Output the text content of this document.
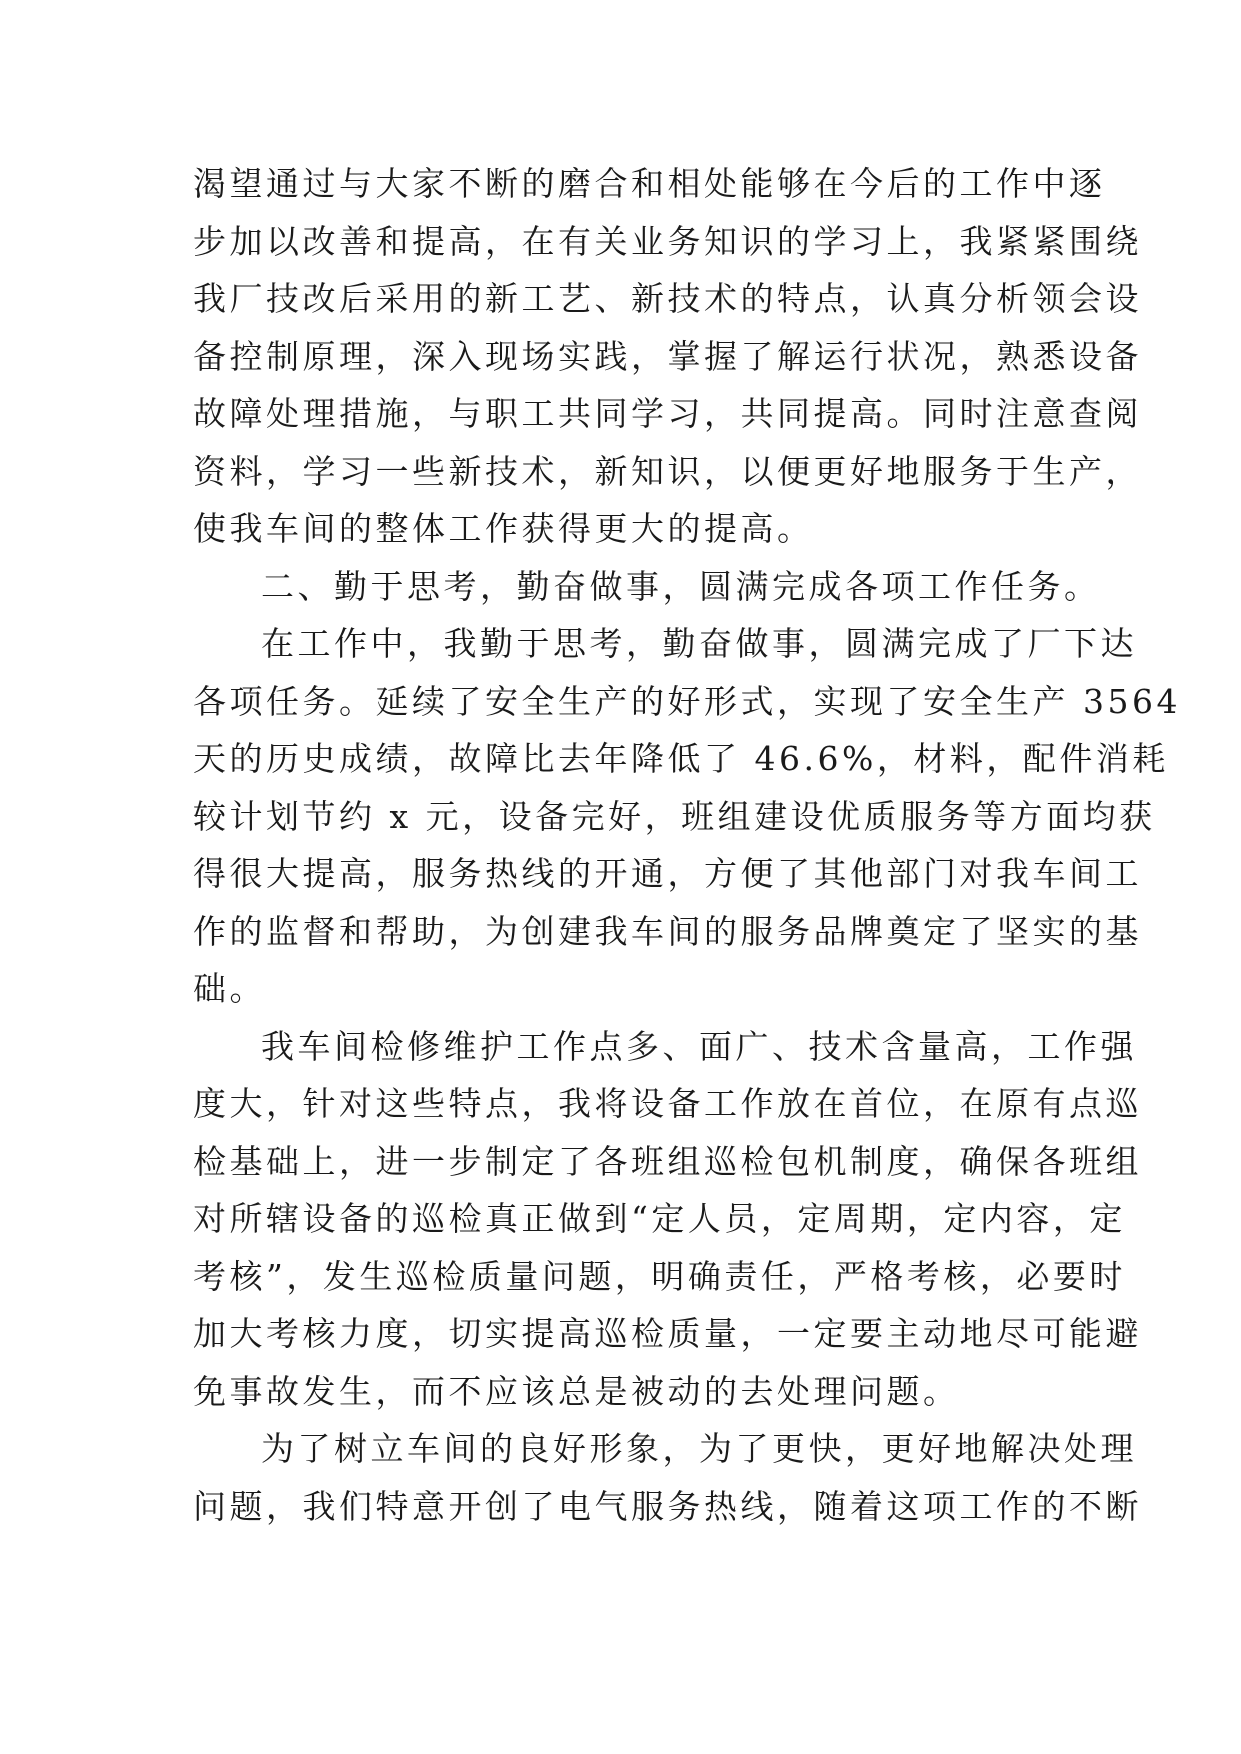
渴望通过与大家不断的磨合和相处能够在今后的工作中逐
步加以改善和提高，在有关业务知识的学习上，我紧紧围绕
我厂技改后采用的新工艺、新技术的特点，认真分析领会设
备控制原理，深入现场实践，掌握了解运行状况，熟悉设备
故障处理措施，与职工共同学习，共同提高。同时注意查阅
资料，学习一些新技术，新知识，以便更好地服务于生产，
使我车间的整体工作获得更大的提高。
二、勤于思考，勤奋做事，圆满完成各项工作任务。
在工作中，我勤于思考，勤奋做事，圆满完成了厂下达
各项任务。延续了安全生产的好形式，实现了安全生产 3564
天的历史成绩，故障比去年降低了 46.6%，材料，配件消耗
较计划节约 x 元，设备完好，班组建设优质服务等方面均获
得很大提高，服务热线的开通，方便了其他部门对我车间工
作的监督和帮助，为创建我车间的服务品牌奠定了坚实的基
础。
我车间检修维护工作点多、面广、技术含量高，工作强
度大，针对这些特点，我将设备工作放在首位，在原有点巡
检基础上，进一步制定了各班组巡检包机制度，确保各班组
对所辖设备的巡检真正做到“定人员，定周期，定内容，定
考核”，发生巡检质量问题，明确责任，严格考核，必要时
加大考核力度，切实提高巡检质量，一定要主动地尽可能避
免事故发生，而不应该总是被动的去处理问题。
为了树立车间的良好形象，为了更快，更好地解决处理
问题，我们特意开创了电气服务热线，随着这项工作的不断
